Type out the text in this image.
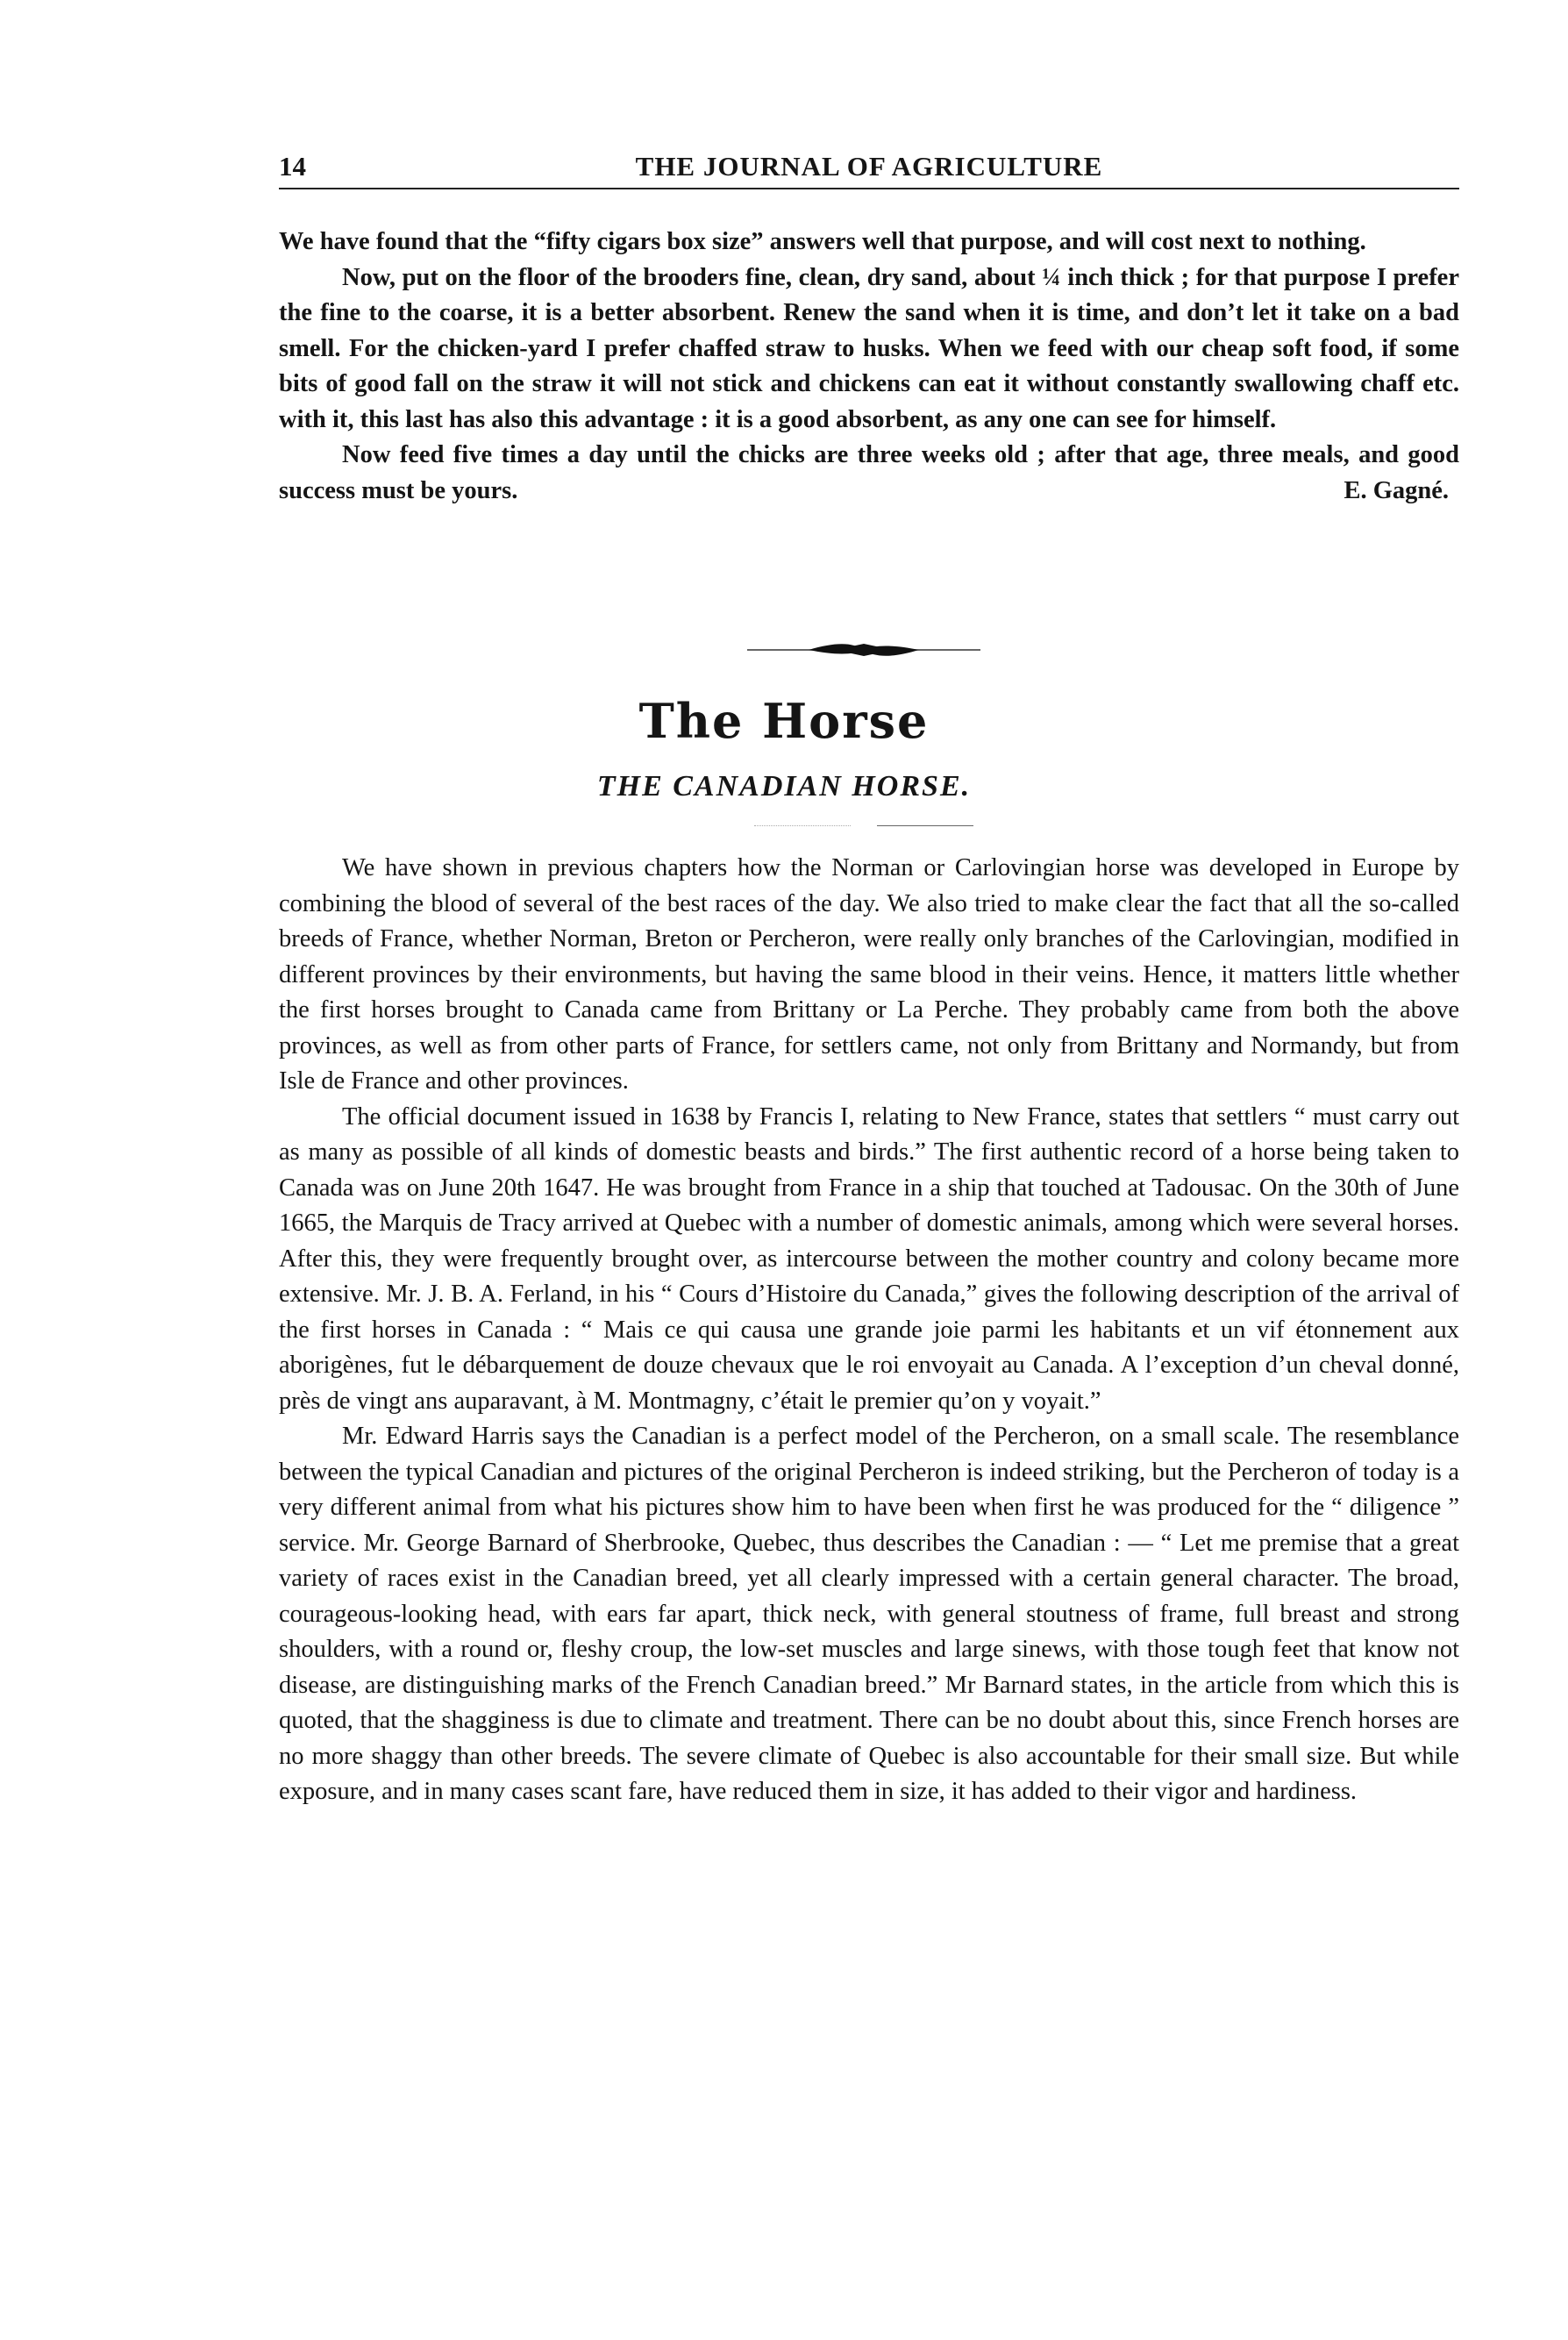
14	THE JOURNAL OF AGRICULTURE

We have found that the “fifty cigars box size” answers well that purpose, and will cost next to nothing.

Now, put on the floor of the brooders fine, clean, dry sand, about ¼ inch thick ; for that purpose I prefer the fine to the coarse, it is a better absorbent. Renew the sand when it is time, and don’t let it take on a bad smell. For the chicken-yard I prefer chaffed straw to husks. When we feed with our cheap soft food, if some bits of good fall on the straw it will not stick and chickens can eat it without constantly swallowing chaff etc. with it, this last has also this advantage : it is a good absorbent, as any one can see for himself.

Now feed five times a day until the chicks are three weeks old ; after that age, three meals, and good success must be yours.	E. Gagné.

The Horse
THE CANADIAN HORSE.

We have shown in previous chapters how the Norman or Carlovingian horse was developed in Europe by combining the blood of several of the best races of the day. We also tried to make clear the fact that all the so-called breeds of France, whether Norman, Breton or Percheron, were really only branches of the Carlovingian, modified in different provinces by their environments, but having the same blood in their veins. Hence, it matters little whether the first horses brought to Canada came from Brittany or La Perche. They probably came from both the above provinces, as well as from other parts of France, for settlers came, not only from Brittany and Normandy, but from Isle de France and other provinces.

The official document issued in 1638 by Francis I, relating to New France, states that settlers “ must carry out as many as possible of all kinds of domestic beasts and birds.” The first authentic record of a horse being taken to Canada was on June 20th 1647. He was brought from France in a ship that touched at Tadousac. On the 30th of June 1665, the Marquis de Tracy arrived at Quebec with a number of domestic animals, among which were several horses. After this, they were frequently brought over, as intercourse between the mother country and colony became more extensive. Mr. J. B. A. Ferland, in his “ Cours d’Histoire du Canada,” gives the following description of the arrival of the first horses in Canada : “ Mais ce qui causa une grande joie parmi les habitants et un vif étonnement aux aborigènes, fut le débarquement de douze chevaux que le roi envoyait au Canada. A l’exception d’un cheval donné, près de vingt ans auparavant, à M. Montmagny, c’était le premier qu’on y voyait.”

Mr. Edward Harris says the Canadian is a perfect model of the Percheron, on a small scale. The resemblance between the typical Canadian and pictures of the original Percheron is indeed striking, but the Percheron of today is a very different animal from what his pictures show him to have been when first he was produced for the “ diligence ” service. Mr. George Barnard of Sherbrooke, Quebec, thus describes the Canadian : — “ Let me premise that a great variety of races exist in the Canadian breed, yet all clearly impressed with a certain general character. The broad, courageous-looking head, with ears far apart, thick neck, with general stoutness of frame, full breast and strong shoulders, with a round or, fleshy croup, the low-set muscles and large sinews, with those tough feet that know not disease, are distinguishing marks of the French Canadian breed.” Mr Barnard states, in the article from which this is quoted, that the shagginess is due to climate and treatment. There can be no doubt about this, since French horses are no more shaggy than other breeds. The severe climate of Quebec is also accountable for their small size. But while exposure, and in many cases scant fare, have reduced them in size, it has added to their vigor and hardiness.
